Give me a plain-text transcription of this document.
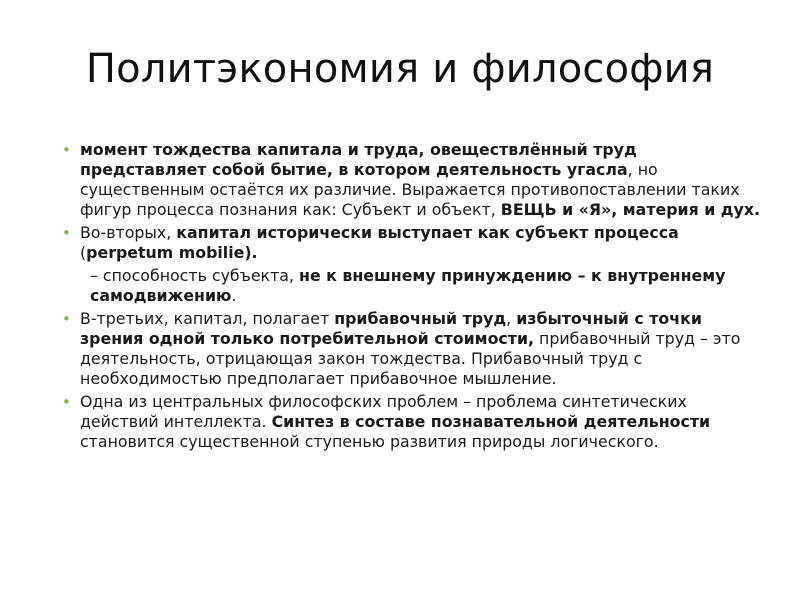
Политэкономия и философия
• момент тождества капитала и труда, овеществлённый труд представляет собой бытие, в котором деятельность угасла, но существенным остаётся их различие. Выражается противопоставлении таких фигур процесса познания как: Субъект и объект, ВЕЩЬ и «Я», материя и дух.
• Во-вторых, капитал исторически выступает как субъект процесса (perpetum mobilie).
– способность субъекта, не к внешнему принуждению – к внутреннему самодвижению.
• В-третьих, капитал, полагает прибавочный труд, избыточный с точки зрения одной только потребительной стоимости, прибавочный труд – это деятельность, отрицающая закон тождества. Прибавочный труд с необходимостью предполагает прибавочное мышление.
• Одна из центральных философских проблем – проблема синтетических действий интеллекта. Синтез в составе познавательной деятельности становится существенной ступенью развития природы логического.
